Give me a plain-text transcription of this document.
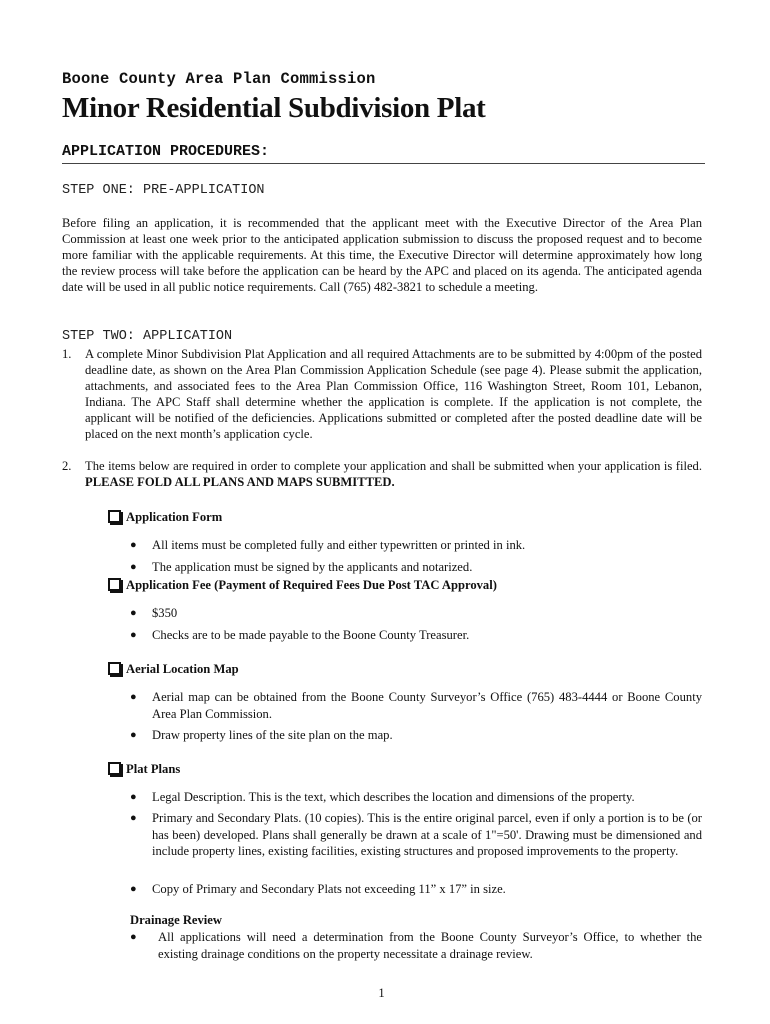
Boone County Area Plan Commission
Minor Residential Subdivision Plat
APPLICATION PROCEDURES:
STEP ONE: PRE-APPLICATION
Before filing an application, it is recommended that the applicant meet with the Executive Director of the Area Plan Commission at least one week prior to the anticipated application submission to discuss the proposed request and to become more familiar with the applicable requirements. At this time, the Executive Director will determine approximately how long the review process will take before the application can be heard by the APC and placed on its agenda. The anticipated agenda date will be used in all public notice requirements. Call (765) 482-3821 to schedule a meeting.
STEP TWO: APPLICATION
1. A complete Minor Subdivision Plat Application and all required Attachments are to be submitted by 4:00pm of the posted deadline date, as shown on the Area Plan Commission Application Schedule (see page 4). Please submit the application, attachments, and associated fees to the Area Plan Commission Office, 116 Washington Street, Room 101, Lebanon, Indiana. The APC Staff shall determine whether the application is complete. If the application is not complete, the applicant will be notified of the deficiencies. Applications submitted or completed after the posted deadline date will be placed on the next month’s application cycle.
2. The items below are required in order to complete your application and shall be submitted when your application is filed. PLEASE FOLD ALL PLANS AND MAPS SUBMITTED.
Application Form
● All items must be completed fully and either typewritten or printed in ink.
● The application must be signed by the applicants and notarized.
Application Fee (Payment of Required Fees Due Post TAC Approval)
● $350
● Checks are to be made payable to the Boone County Treasurer.
Aerial Location Map
● Aerial map can be obtained from the Boone County Surveyor’s Office (765) 483-4444 or Boone County Area Plan Commission.
● Draw property lines of the site plan on the map.
Plat Plans
● Legal Description. This is the text, which describes the location and dimensions of the property.
● Primary and Secondary Plats. (10 copies). This is the entire original parcel, even if only a portion is to be (or has been) developed. Plans shall generally be drawn at a scale of 1"=50'. Drawing must be dimensioned and include property lines, existing facilities, existing structures and proposed improvements to the property.
● Copy of Primary and Secondary Plats not exceeding 11” x 17” in size.
Drainage Review
● All applications will need a determination from the Boone County Surveyor’s Office, to whether the existing drainage conditions on the property necessitate a drainage review.
1
